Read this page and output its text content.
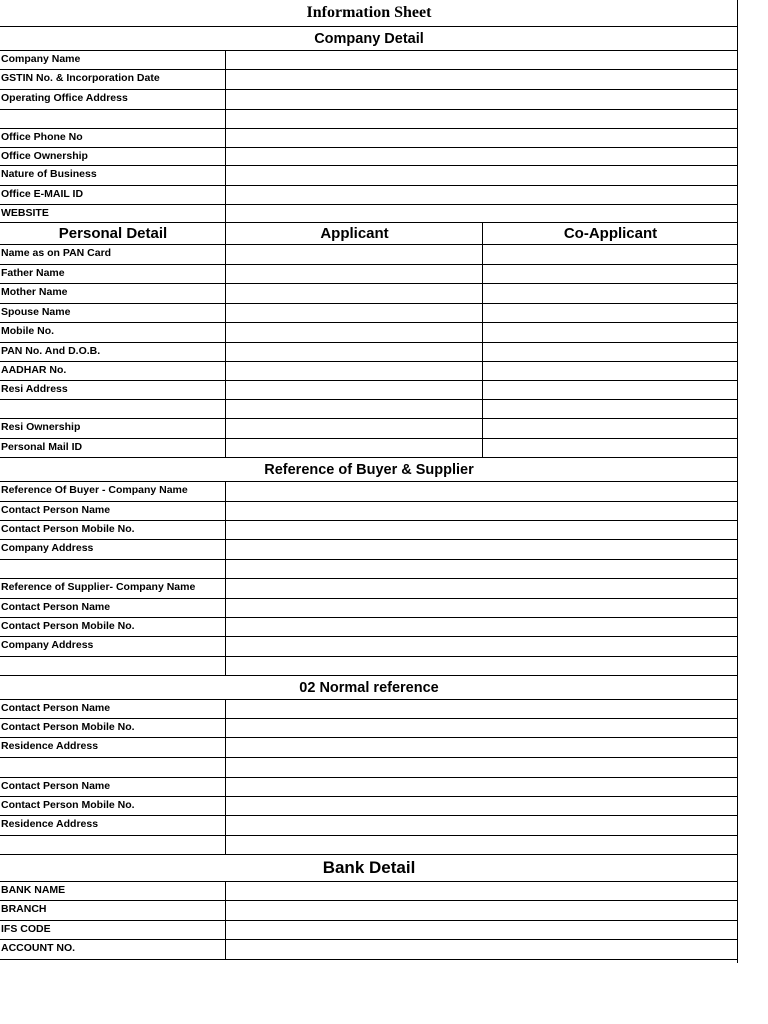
Information Sheet
Company Detail
Company Name
GSTIN No. & Incorporation Date
Operating Office Address
Office Phone No
Office Ownership
Nature of Business
Office E-MAIL ID
WEBSITE
Personal Detail	Applicant	Co-Applicant
Name as on PAN Card
Father Name
Mother Name
Spouse Name
Mobile No.
PAN No. And D.O.B.
AADHAR No.
Resi Address
Resi Ownership
Personal Mail ID
Reference of Buyer & Supplier
Reference Of Buyer - Company Name
Contact Person Name
Contact Person Mobile No.
Company Address
Reference of Supplier- Company Name
Contact Person Name
Contact Person Mobile No.
Company Address
02 Normal reference
Contact Person Name
Contact Person Mobile No.
Residence Address
Contact Person Name
Contact Person Mobile No.
Residence Address
Bank Detail
BANK NAME
BRANCH
IFS CODE
ACCOUNT NO.
